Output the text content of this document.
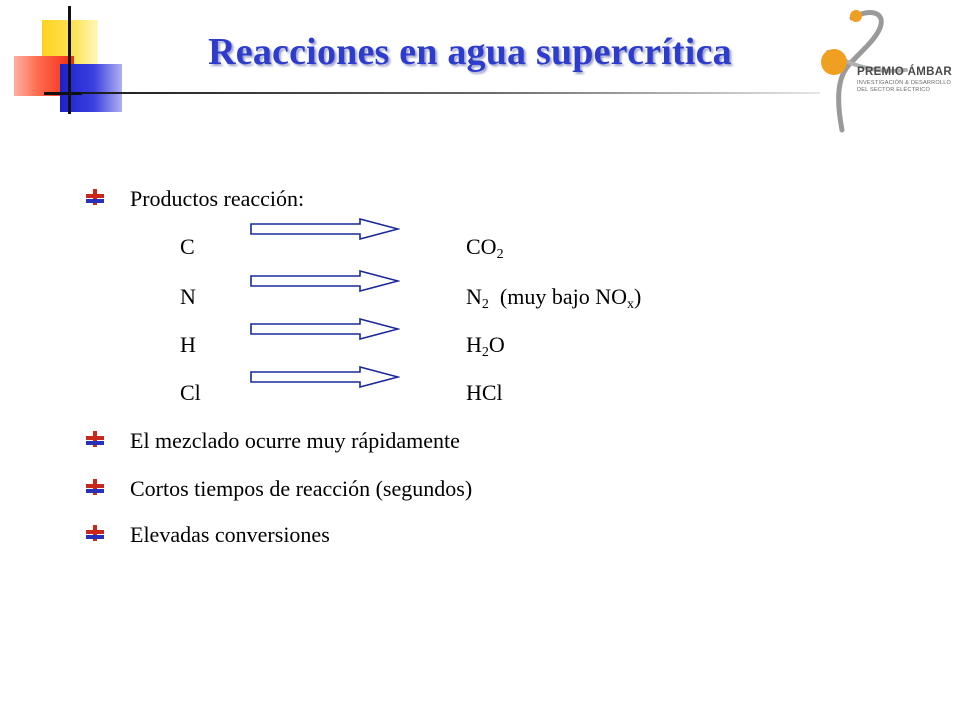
Reacciones en agua supercrítica	PREMIO ÁMBAR
INVESTIGACIÓN & DESARROLLO
DEL SECTOR ELÉCTRICO
Productos reacción:
C	$CO_2$
N	$N_2$  (muy bajo $NO_x$)
H	$H_2O$
Cl	HCl
El mezclado ocurre muy rápidamente
Cortos tiempos de reacción (segundos)
Elevadas conversiones
